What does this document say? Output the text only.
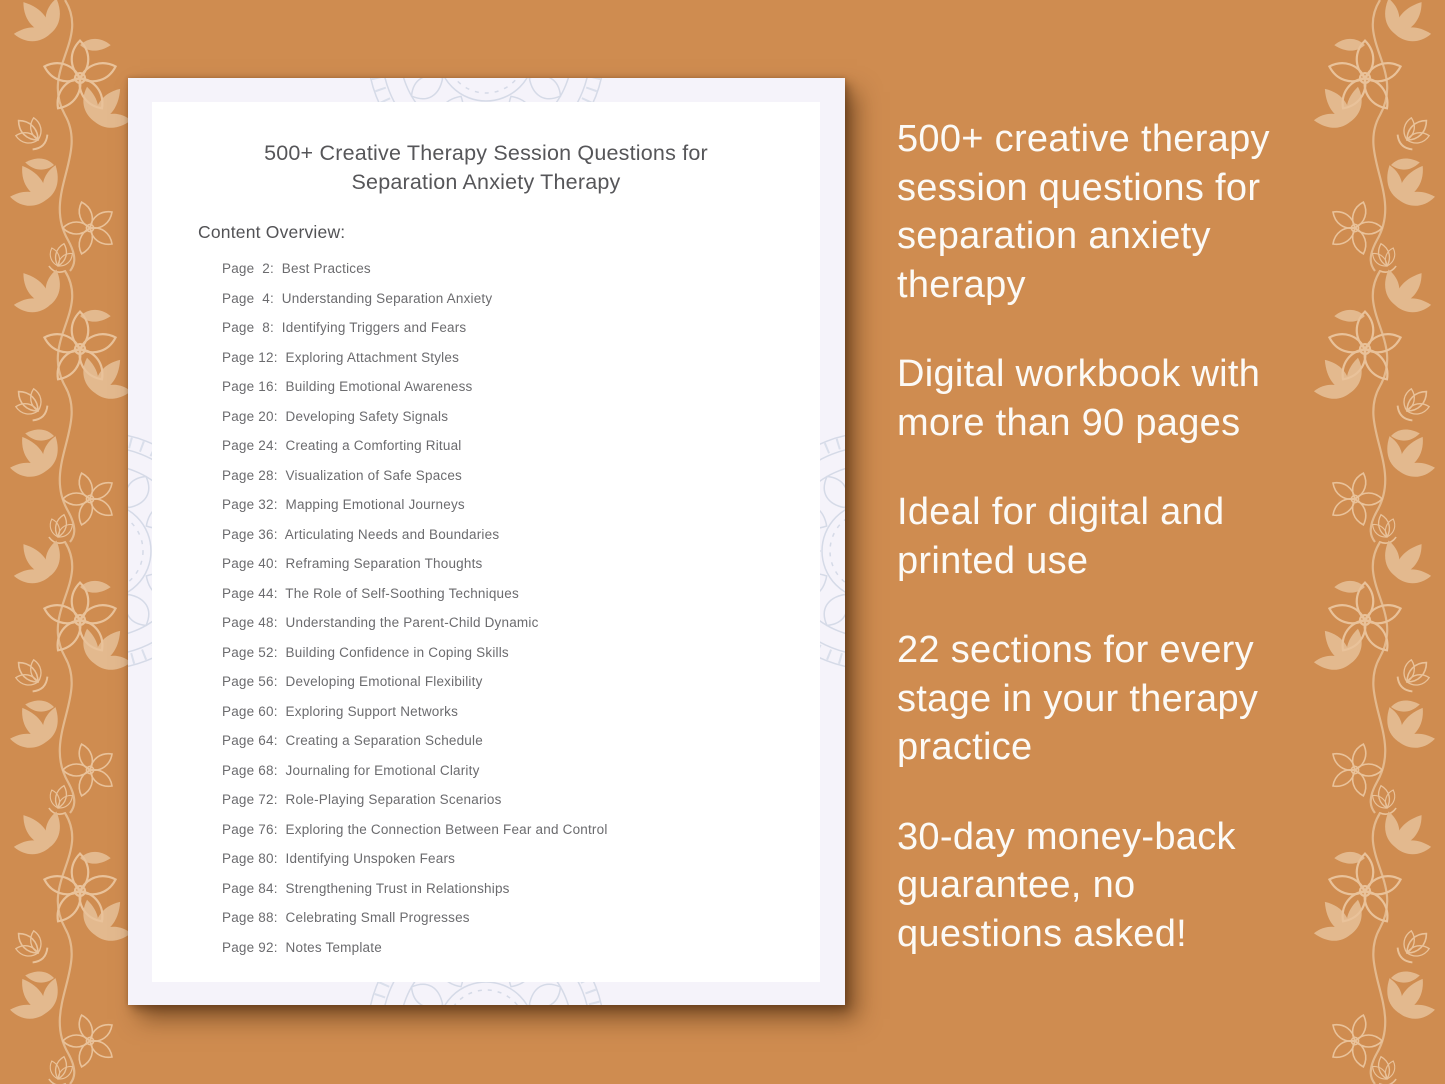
500+ Creative Therapy Session Questions for
Separation Anxiety Therapy
Content Overview:
Page  2:  Best Practices
Page  4:  Understanding Separation Anxiety
Page  8:  Identifying Triggers and Fears
Page 12:  Exploring Attachment Styles
Page 16:  Building Emotional Awareness
Page 20:  Developing Safety Signals
Page 24:  Creating a Comforting Ritual
Page 28:  Visualization of Safe Spaces
Page 32:  Mapping Emotional Journeys
Page 36:  Articulating Needs and Boundaries
Page 40:  Reframing Separation Thoughts
Page 44:  The Role of Self-Soothing Techniques
Page 48:  Understanding the Parent-Child Dynamic
Page 52:  Building Confidence in Coping Skills
Page 56:  Developing Emotional Flexibility
Page 60:  Exploring Support Networks
Page 64:  Creating a Separation Schedule
Page 68:  Journaling for Emotional Clarity
Page 72:  Role-Playing Separation Scenarios
Page 76:  Exploring the Connection Between Fear and Control
Page 80:  Identifying Unspoken Fears
Page 84:  Strengthening Trust in Relationships
Page 88:  Celebrating Small Progresses
Page 92:  Notes Template

500+ creative therapy session questions for separation anxiety therapy

Digital workbook with more than 90 pages

Ideal for digital and printed use

22 sections for every stage in your therapy practice

30-day money-back guarantee, no questions asked!
